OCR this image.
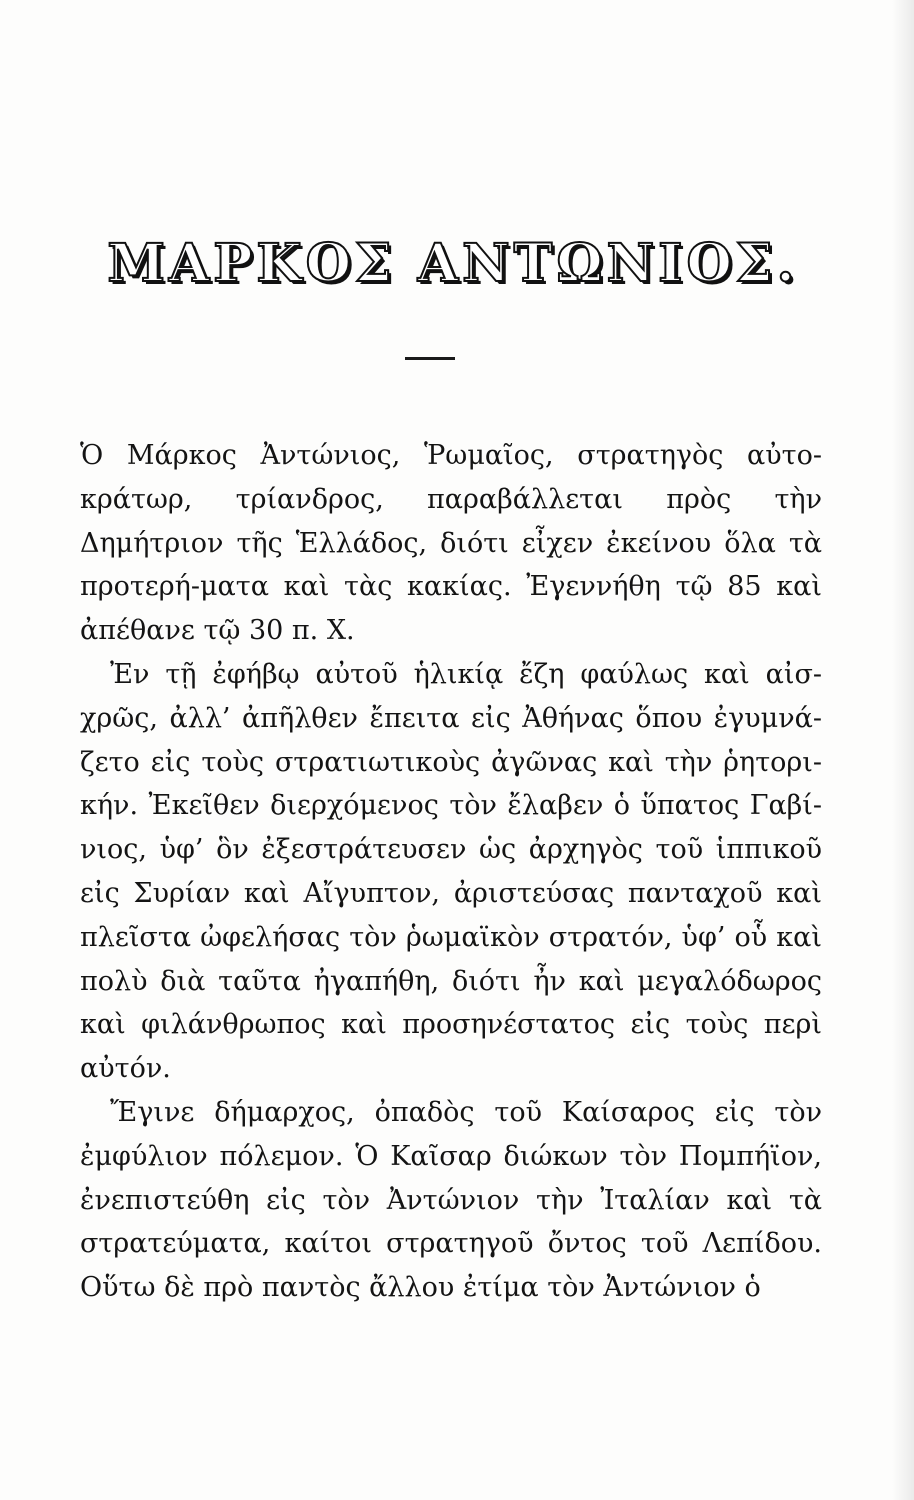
ΜΑΡΚΟΣ ΑΝΤΩΝΙΟΣ.

Ὁ Μάρκος Ἀντώνιος, Ῥωμαῖος, στρατηγὸς αὐτο-κράτωρ, τρίανδρος, παραβάλλεται πρὸς τὴν Δημήτριον τῆς Ἑλλάδος, διότι εἶχεν ἐκείνου ὅλα τὰ προτερή-ματα καὶ τὰς κακίας. Ἐγεννήθη τῷ 85 καὶ ἀπέθανε τῷ 30 π. Χ.

Ἐν τῇ ἐφήβῳ αὐτοῦ ἡλικίᾳ ἔζη φαύλως καὶ αἰσ-χρῶς, ἀλλ’ ἀπῆλθεν ἔπειτα εἰς Ἀθήνας ὅπου ἐγυμνά-ζετο εἰς τοὺς στρατιωτικοὺς ἀγῶνας καὶ τὴν ῥητορι-κήν. Ἐκεῖθεν διερχόμενος τὸν ἔλαβεν ὁ ὕπατος Γαβί-νιος, ὑφ’ ὃν ἐξεστράτευσεν ὡς ἀρχηγὸς τοῦ ἱππικοῦ εἰς Συρίαν καὶ Αἴγυπτον, ἀριστεύσας πανταχοῦ καὶ πλεῖστα ὠφελήσας τὸν ῥωμαϊκὸν στρατόν, ὑφ’ οὗ καὶ πολὺ διὰ ταῦτα ἠγαπήθη, διότι ἦν καὶ μεγαλόδωρος καὶ φιλάνθρωπος καὶ προσηνέστατος εἰς τοὺς περὶ αὐτόν.

Ἔγινε δήμαρχος, ὀπαδὸς τοῦ Καίσαρος εἰς τὸν ἐμφύλιον πόλεμον. Ὁ Καῖσαρ διώκων τὸν Πομπήϊον, ἐνεπιστεύθη εἰς τὸν Ἀντώνιον τὴν Ἰταλίαν καὶ τὰ στρατεύματα, καίτοι στρατηγοῦ ὄντος τοῦ Λεπίδου. Οὕτω δὲ πρὸ παντὸς ἄλλου ἐτίμα τὸν Ἀντώνιον ὁ
